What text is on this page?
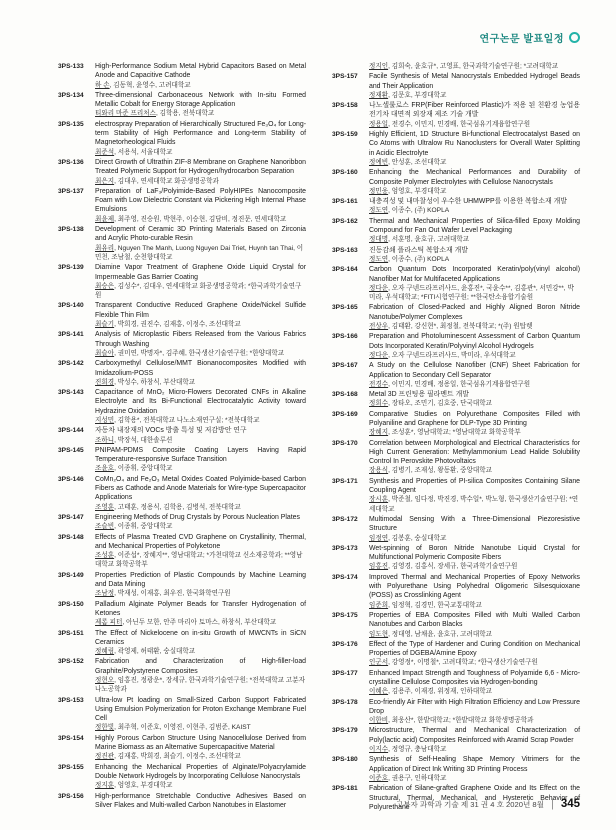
연구논문 발표일정
3PS-133	High-Performance Sodium Metal Hybrid Capacitors Based on Metal Anode and Capacitive Cathode
하 손, 김동혁, 윤영수, 고려대학교
3PS-134	Three-dimensional Carbonaceous Network with In-situ Formed Metallic Cobalt for Energy Storage Application
티와리 마준 프리처스, 김학용, 전북대학교
3PS-135	electrospray Preparation of Hierarchically Structured Fe₃O₄ for Long-term Stability of High Performance and Long-term Stability of Magnetorheological Fluids
최준석, 서용석, 서울대학교
3PS-136	Direct Growth of Ultrathin ZIF-8 Membrane on Graphene Nanoribbon Treated Polymeric Support for Hydrogen/hydrocarbon Separation
최은지, 김대우, 연세대학교 화공생명공학과
3PS-137	Preparation of LaF₃/Polyimide-Based PolyHIPEs Nanocomposite Foam with Low Dielectric Constant via Pickering High Internal Phase Emulsions
최윤제, 최주영, 진승원, 박현주, 이승현, 김담비, 정진문, 연세대학교
3PS-138	Development of Ceramic 3D Printing Materials Based on Zirconia and Acrylic Photo-curable Resin
최유리, Nguyen The Manh, Luong Nguyen Dai Triet, Huynh tan Thai, 이민천, 조남철, 순천향대학교
3PS-139	Diamine Vapor Treatment of Graphene Oxide Liquid Crystal for Impermeable Gas Barrier Coating
최승은, 김성수*, 김대우, 연세대학교 화공생명공학과; *한국과학기술연구원
3PS-140	Transparent Conductive Reduced Graphene Oxide/Nickel Sulfide Flexible Thin Film
최슬기, 박희경, 권진수, 김재홍, 이정수, 조선대학교
3PS-141	Analysis of Microplastic Fibers Released from the Various Fabrics Through Washing
최슬아, 권미연, 박명자*, 김주혜, 한국생산기술연구원; *한양대학교
3PS-142	Carboxymethyl Cellulose/MMT Bionanocomposites Modified with Imidazolium-POSS
진희경, 박성수, 하창식, 부산대학교
3PS-143	Capacitance of MnO₂ Micro-Flowers Decorated CNFs in Alkaline Electrolyte and Its Bi-Functional Electrocatalytic Activity toward Hydrazine Oxidation
지성민, 김학용*, 전북대학교 나노소재연구실; *전북대학교
3PS-144	자동차 내장재의 VOCs 방출 특성 및 저감방안 연구
조하니, 박장석, 대한솔루션
3PS-145	PNIPAM-PDMS Composite Coating Layers Having Rapid Temperature-responsive Surface Transition
조윤호, 이종휘, 중앙대학교
3PS-146	CoMn₂O₄ and Fe₂O₃ Metal Oxides Coated Polyimide-based Carbon Fibers as Cathode and Anode Materials for Wire-type Supercapacitor Applications
조영훈, 고태훈, 정용식, 김학용, 김병석, 전북대학교
3PS-147	Engineering Methods of Drug Crystals by Porous Nucleation Plates
조슬빈, 이종휘, 중앙대학교
3PS-148	Effects of Plasma Treated CVD Graphene on Crystallinity, Thermal, and Mechanical Properties of Polyketone
조성훈, 이준섭*, 장혜지**, 영남대학교; *가천대학교 신소재공학과; **영남대학교 화학공학부
3PS-149	Properties Prediction of Plastic Compounds by Machine Learning and Data Mining
조남정, 박재성, 이재홍, 최우진, 한국화학연구원
3PS-150	Palladium Alginate Polymer Beads for Transfer Hydrogenation of Ketones
제롬 피터, 아닌두 모한, 안주 마리아 토마스, 하창식, 부산대학교
3PS-151	The Effect of Nickelocene on in-situ Growth of MWCNTs in SiCN Ceramics
정혜림, 곽영제, 허태환, 숭실대학교
3PS-152	Fabrication and Characterization of High-filler-load Graphite/Polystyrene Composites
정현오, 임홍진, 정광운*, 장세규, 한국과학기술연구원; *전북대학교 고분자나노공학과
3PS-153	Ultra-low Pt loading on Small-Sized Carbon Support Fabricated Using Emulsion Polymerization for Proton Exchange Membrane Fuel Cell
정한빛, 최주혁, 이준호, 이영진, 이현주, 김범준, KAIST
3PS-154	Highly Porous Carbon Structure Using Nanocellulose Derived from Marine Biomass as an Alternative Supercapacitive Material
정진관, 김재홍, 박희경, 최슬기, 이정수, 조선대학교
3PS-155	Enhancing the Mechanical Properties of Alginate/Polyacrylamide Double Network Hydrogels by Incorporating Cellulose Nanocrystals
정지훈, 엄영호, 부경대학교
3PS-156	High-performance Stretchable Conductive Adhesives Based on Silver Flakes and Multi-walled Carbon Nanotubes in Elastomer
정지인, 김희숙, 윤호규*, 고영표, 한국과학기술연구원; *고려대학교
3PS-157	Facile Synthesis of Metal Nanocrystals Embedded Hydrogel Beads and Their Application
정재환, 김문호, 부경대학교
3PS-158	나노셀룰로스 FRP(Fiber Reinforced Plastic)가 적용 된 친환경 농업용 전기차 대면적 외장재 제조 기술 개발
정용일, 전경수, 이민지, 민경배, 한국섬유기계융합연구원
3PS-159	Highly Efficient, 1D Structure Bi-functional Electrocatalyst Based on Co Atoms with Ultralow Ru Nanoclusters for Overall Water Splitting in Acidic Electrolyte
정예빈, 안성훈, 조선대학교
3PS-160	Enhancing the Mechanical Performances and Durability of Composite Polymer Electrolytes with Cellulose Nanocrystals
정민웅, 엄영호, 부경대학교
3PS-161	내충격성 및 내마찰성이 우수한 UHMWPP를 이용한 복합소재 개발
정도연, 이종수, (주) KOPLA
3PS-162	Thermal and Mechanical Properties of Silica-filled Epoxy Molding Compound for Fan Out Wafer Level Packaging
정대명, 서훈명, 윤호규, 고려대학교
3PS-163	진동감쇄 플라스틱 복합소재 개발
정도연, 이종수, (주) KOPLA
3PS-164	Carbon Quantum Dots Incorporated Keratin/poly(vinyl alcohol) Nanofiber Mat for Multifaceted Applications
정다운, 오자 구넨드라프러사드, 윤홍진*, 국윤수**, 김홍관*, 서민강**, 박미라, 우석대학교; *FITI시험연구원; **한국탄소융합기술원
3PS-165	Fabrication of Closed-Packed and Highly Aligned Boron Nitride Nanotube/Polymer Complexes
전상우, 김태환, 강신현*, 최정철, 전북대학교; *(주) 원탑렛
3PS-166	Preparation and Photoluminescent Assessment of Carbon Quantum Dots Incorporated Keratin/Polyvinyl Alcohol Hydrogels
정다운, 오자 구넨드라프러사드, 박미라, 우석대학교
3PS-167	A Study on the Cellulose Nanofiber (CNF) Sheet Fabrication for Application to Secondary Cell Separator
전경수, 이민지, 민경배, 정용일, 한국섬유기계융합연구원
3PS-168	Metal 3D 프린팅용 필라멘트 개발
정희수, 장타오, 조민기, 김호중, 단국대학교
3PS-169	Comparative Studies on Polyurethane Composites Filled with Polyaniline and Graphene for DLP-Type 3D Printing
장혜지, 조성훈*, 영남대학교; *영남대학교 화학공학부
3PS-170	Correlation between Morphological and Electrical Characteristics for High Current Generation: Methylammonium Lead Halide Solubility Control In Perovskite Photovoltaics
장용식, 김병기, 조재성, 왕동환, 중앙대학교
3PS-171	Synthesis and Properties of PI-silica Composites Containing Silane Coupling Agent
장시훈, 박준철, 임다정, 박진경, 박수일*, 박노형, 한국생산기술연구원; *연세대학교
3PS-172	Multimodal Sensing With a Three-Dimensional Piezoresistive Structure
임정연, 김봉훈, 숭실대학교
3PS-173	Wet-spinning of Boron Nitride Nanotube Liquid Crystal for Multifunctional Polymeric Composite Fibers
임홍진, 김영경, 김홍식, 장세규, 한국과학기술연구원
3PS-174	Improved Thermal and Mechanical Properties of Epoxy Networks with Polyurethane Using Polyhedral Oligomeric Silsesquioxane (POSS) as Crosslinking Agent
임준희, 임정혁, 김경민, 한국교통대학교
3PS-175	Properties of EBA Composites Filled with Multi Walled Carbon Nanotubes and Carbon Blacks
임도현, 정대영, 남채윤, 윤호규, 고려대학교
3PS-176	Effect of the Type of Hardener and Curing Condition on Mechanical Properties of DGEBA/Amine Epoxy
인군서, 강영정*, 이명철*, 고려대학교; *한국생산기술연구원
3PS-177	Enhanced Impact Strength and Toughness of Polyamide 6,6 - Micro-crystalline Cellulose Composites via Hydrogen-bonding
이혜은, 김용주, 이재경, 위정재, 인하대학교
3PS-178	Eco-friendly Air Filter with High Filtration Efficiency and Low Pressure Drop
이한비, 최웅산*, 한밭대학교; *한밭대학교 화학생명공학과
3PS-179	Microstructure, Thermal and Mechanical Characterization of Poly(lactic acid) Composites Reinforced with Aramid Scrap Powder
이지수, 정영규, 충남대학교
3PS-180	Synthesis of Self-Healing Shape Memory Vitrimers for the Application of Direct Ink Writing 3D Printing Process
이준호, 권용구, 인하대학교
3PS-181	Fabrication of Silane-grafted Graphene Oxide and Its Effect on the Structural, Thermal, Mechanical, and Hysteretic Behavior of Polyurethane
고분자 과학과 기술 제 31 권 4 호 2020년 8월 | 345
